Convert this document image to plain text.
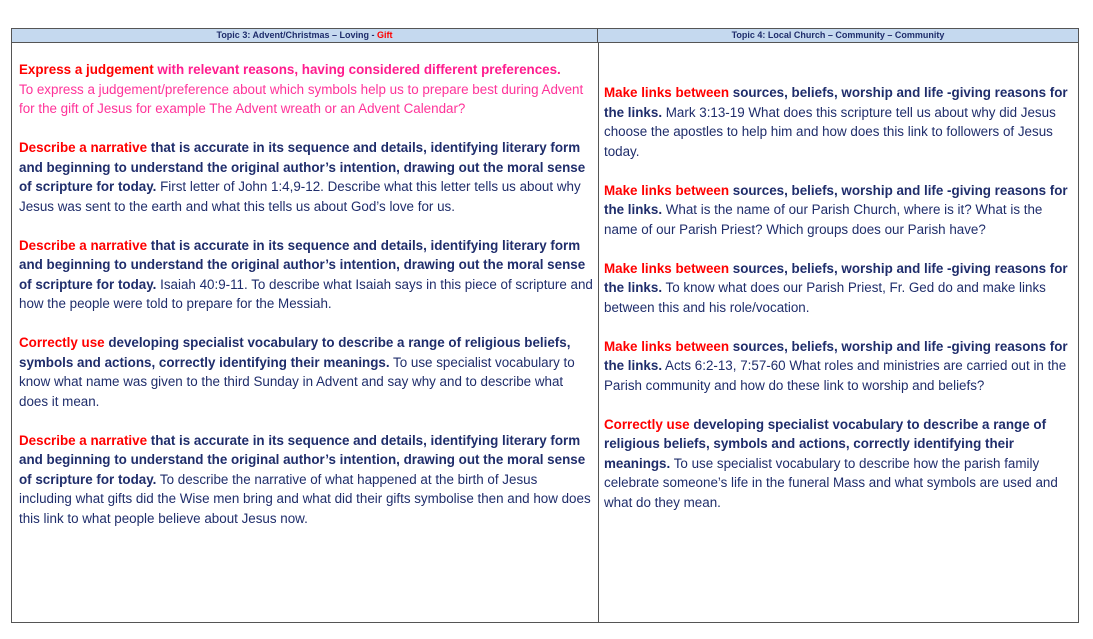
Topic 3: Advent/Christmas – Loving - Gift	Topic 4: Local Church – Community – Community

Express a judgement with relevant reasons, having considered different preferences.
To express a judgement/preference about which symbols help us to prepare best during Advent for the gift of Jesus for example The Advent wreath or an Advent Calendar?

Describe a narrative that is accurate in its sequence and details, identifying literary form and beginning to understand the original author’s intention, drawing out the moral sense of scripture for today. First letter of John 1:4,9-12. Describe what this letter tells us about why Jesus was sent to the earth and what this tells us about God’s love for us.

Describe a narrative that is accurate in its sequence and details, identifying literary form and beginning to understand the original author’s intention, drawing out the moral sense of scripture for today. Isaiah 40:9-11. To describe what Isaiah says in this piece of scripture and how the people were told to prepare for the Messiah.

Correctly use developing specialist vocabulary to describe a range of religious beliefs, symbols and actions, correctly identifying their meanings. To use specialist vocabulary to know what name was given to the third Sunday in Advent and say why and to describe what does it mean.

Describe a narrative that is accurate in its sequence and details, identifying literary form and beginning to understand the original author’s intention, drawing out the moral sense of scripture for today. To describe the narrative of what happened at the birth of Jesus including what gifts did the Wise men bring and what did their gifts symbolise then and how does this link to what people believe about Jesus now.

Make links between sources, beliefs, worship and life -giving reasons for the links. Mark 3:13-19 What does this scripture tell us about why did Jesus choose the apostles to help him and how does this link to followers of Jesus today.

Make links between sources, beliefs, worship and life -giving reasons for the links. What is the name of our Parish Church, where is it? What is the name of our Parish Priest? Which groups does our Parish have?

Make links between sources, beliefs, worship and life -giving reasons for the links. To know what does our Parish Priest, Fr. Ged do and make links between this and his role/vocation.

Make links between sources, beliefs, worship and life -giving reasons for the links. Acts 6:2-13, 7:57-60 What roles and ministries are carried out in the Parish community and how do these link to worship and beliefs?

Correctly use developing specialist vocabulary to describe a range of religious beliefs, symbols and actions, correctly identifying their meanings. To use specialist vocabulary to describe how the parish family celebrate someone’s life in the funeral Mass and what symbols are used and what do they mean.
